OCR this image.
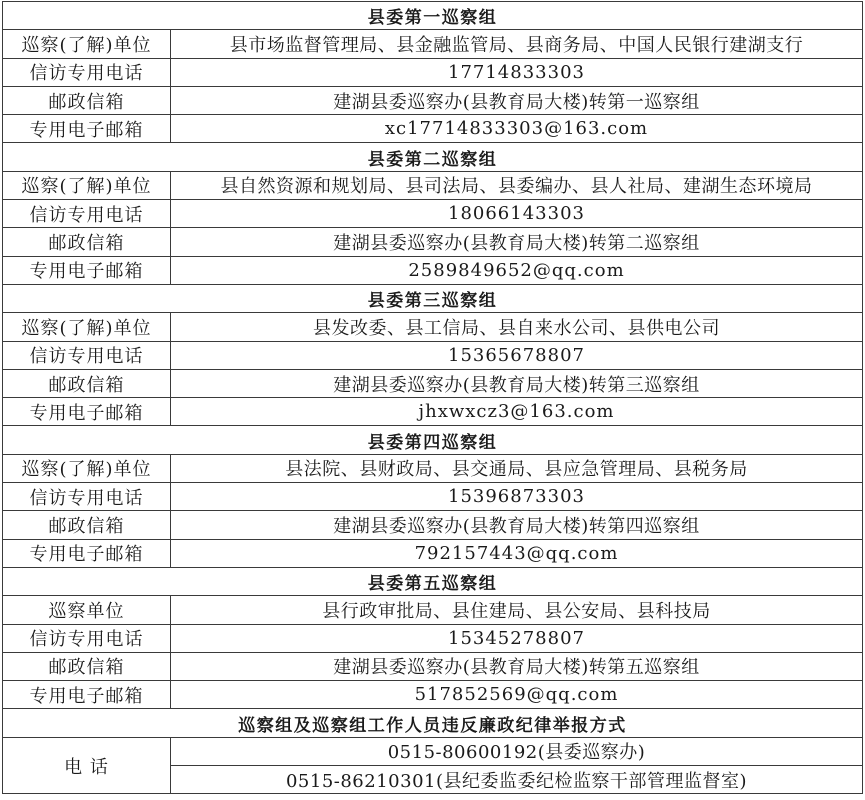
县委第一巡察组	
巡察(了解)单位	县市场监督管理局、县金融监管局、县商务局、中国人民银行建湖支行
信访专用电话	17714833303
邮政信箱	建湖县委巡察办(县教育局大楼)转第一巡察组
专用电子邮箱	xc17714833303@163.com
县委第二巡察组	
巡察(了解)单位	县自然资源和规划局、县司法局、县委编办、县人社局、建湖生态环境局
信访专用电话	18066143303
邮政信箱	建湖县委巡察办(县教育局大楼)转第二巡察组
专用电子邮箱	2589849652@qq.com
县委第三巡察组	
巡察(了解)单位	县发改委、县工信局、县自来水公司、县供电公司
信访专用电话	15365678807
邮政信箱	建湖县委巡察办(县教育局大楼)转第三巡察组
专用电子邮箱	jhxwxcz3@163.com
县委第四巡察组	
巡察(了解)单位	县法院、县财政局、县交通局、县应急管理局、县税务局
信访专用电话	15396873303
邮政信箱	建湖县委巡察办(县教育局大楼)转第四巡察组
专用电子邮箱	792157443@qq.com
县委第五巡察组	
巡察单位	县行政审批局、县住建局、县公安局、县科技局
信访专用电话	15345278807
邮政信箱	建湖县委巡察办(县教育局大楼)转第五巡察组
专用电子邮箱	517852569@qq.com
巡察组及巡察组工作人员违反廉政纪律举报方式	
电 话	0515-80600192(县委巡察办)
	0515-86210301(县纪委监委纪检监察干部管理监督室)
